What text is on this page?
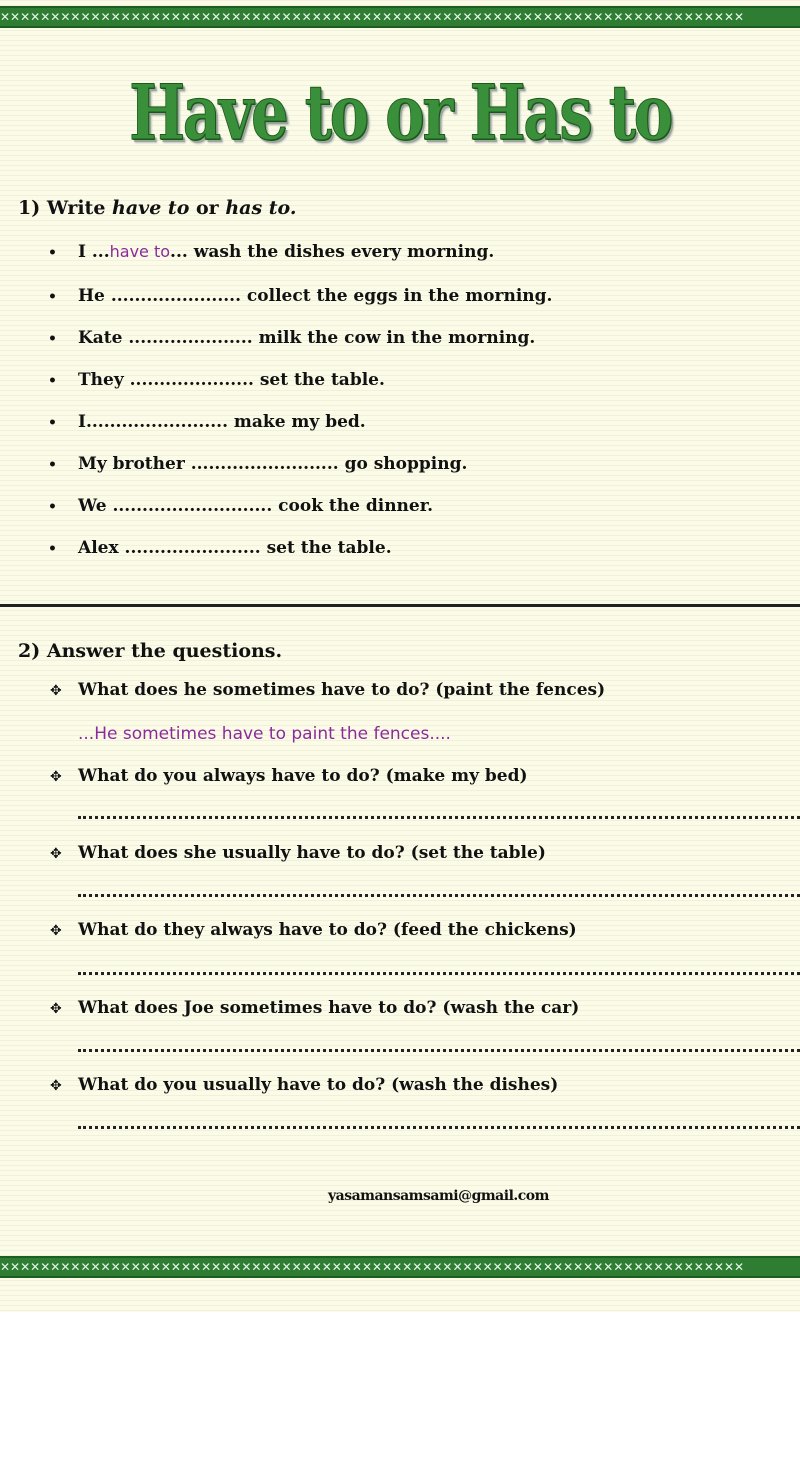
✕✕✕✕✕✕✕✕✕✕✕✕✕✕✕✕✕✕✕✕✕✕✕✕✕✕✕✕✕✕✕✕✕✕✕✕✕✕✕✕✕✕✕✕✕✕✕✕✕✕✕✕✕✕✕✕✕✕✕✕✕✕✕✕✕✕✕✕✕✕✕✕✕✕
Have to or Has to
1) Write have to or has to.
• I ...have to... wash the dishes every morning.
• He ...................... collect the eggs in the morning.
• Kate ..................... milk the cow in the morning.
• They ..................... set the table.
• I........................ make my bed.
• My brother ......................... go shopping.
• We ........................... cook the dinner.
• Alex ....................... set the table.
2) Answer the questions.
✥ What does he sometimes have to do? (paint the fences)
...He sometimes have to paint the fences....
✥ What do you always have to do? (make my bed)
✥ What does she usually have to do? (set the table)
✥ What do they always have to do? (feed the chickens)
✥ What does Joe sometimes have to do? (wash the car)
✥ What do you usually have to do? (wash the dishes)
yasamansamsami@gmail.com
✕✕✕✕✕✕✕✕✕✕✕✕✕✕✕✕✕✕✕✕✕✕✕✕✕✕✕✕✕✕✕✕✕✕✕✕✕✕✕✕✕✕✕✕✕✕✕✕✕✕✕✕✕✕✕✕✕✕✕✕✕✕✕✕✕✕✕✕✕✕✕✕✕✕
